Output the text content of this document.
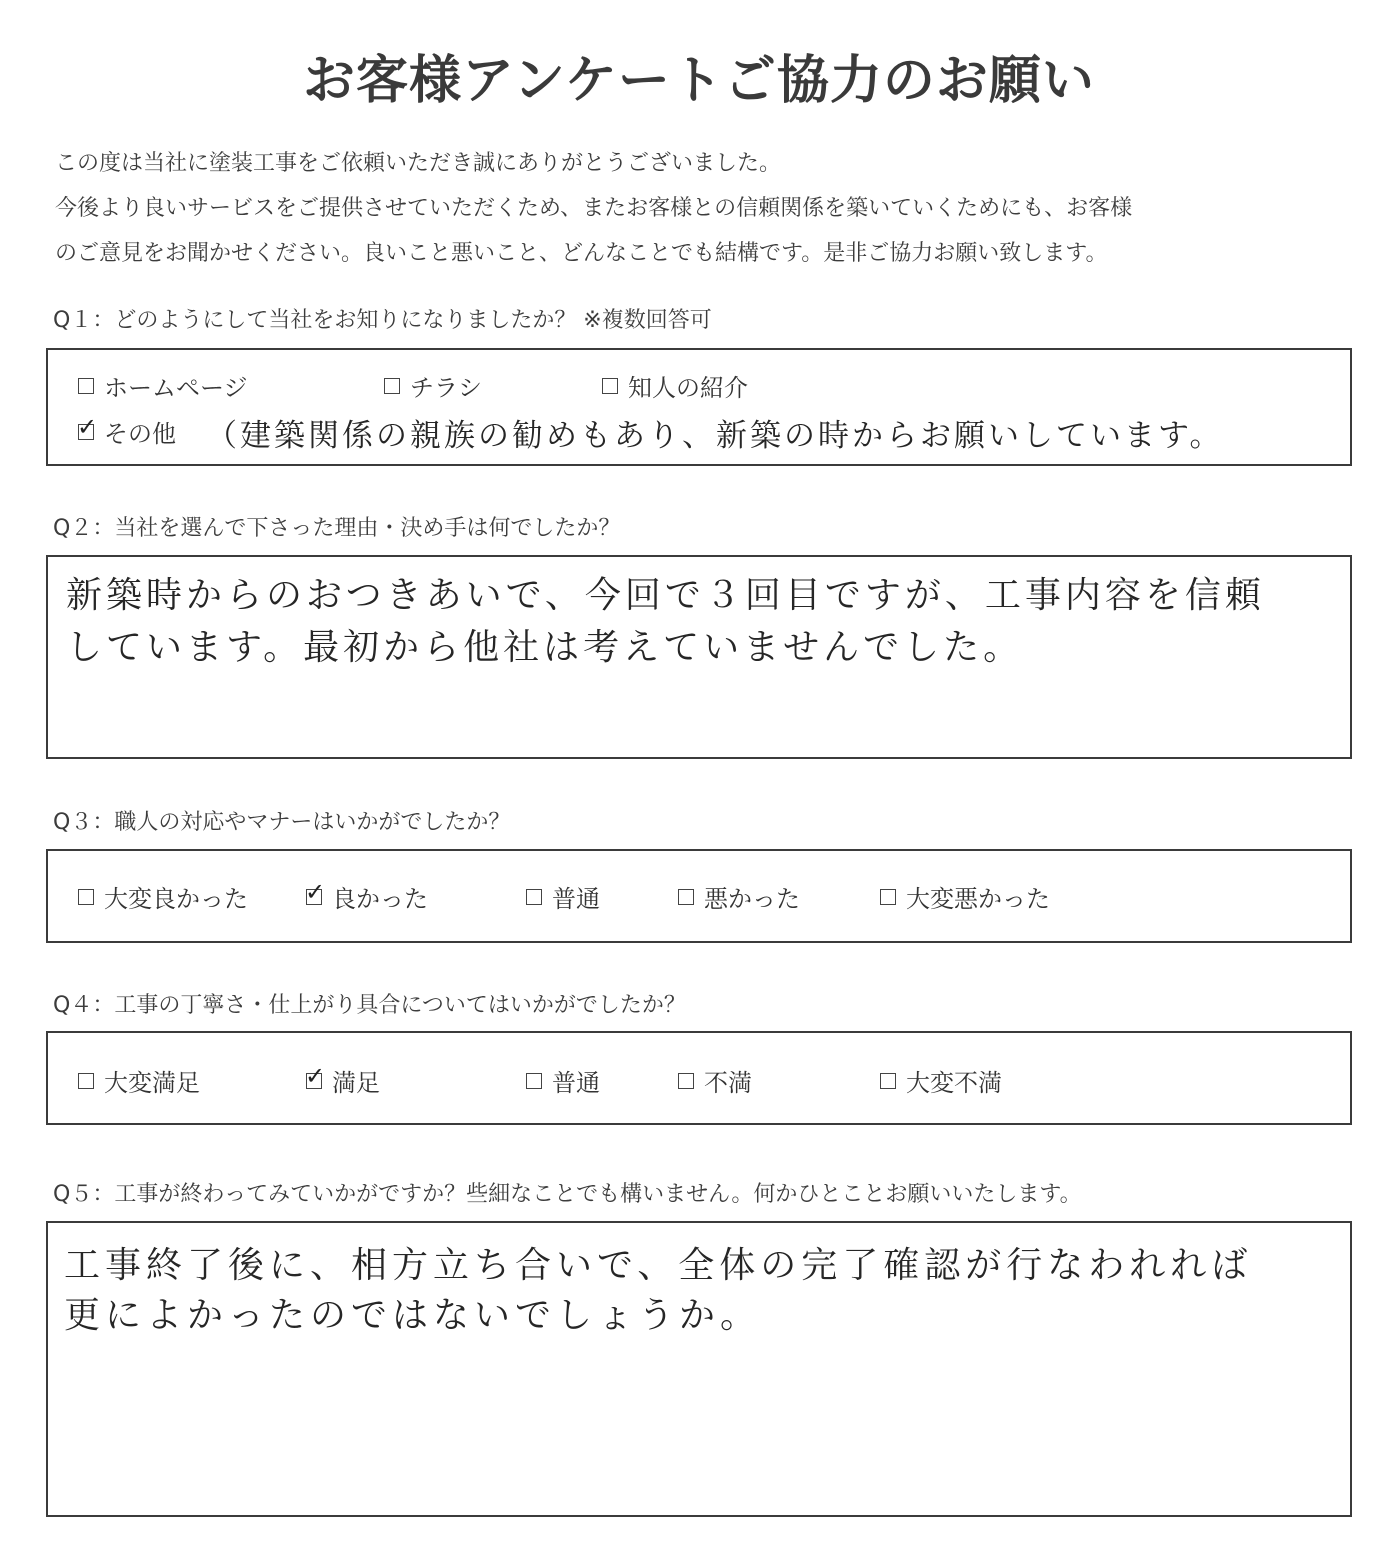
お客様アンケートご協力のお願い
この度は当社に塗装工事をご依頼いただき誠にありがとうございました。
今後より良いサービスをご提供させていただくため、またお客様との信頼関係を築いていくためにも、お客様
のご意見をお聞かせください。良いこと悪いこと、どんなことでも結構です。是非ご協力お願い致します。
Q１：どのようにして当社をお知りになりましたか？ ※複数回答可
ホームページ	チラシ	知人の紹介
✓ その他 （建築関係の親族の勧めもあり、新築の時からお願いしています。
Q２：当社を選んで下さった理由・決め手は何でしたか？
新築時からのおつきあいで、今回で３回目ですが、工事内容を信頼
しています。最初から他社は考えていませんでした。
Q３：職人の対応やマナーはいかがでしたか？
大変良かった ✓ 良かった	普通	悪かった	大変悪かった
Q４：工事の丁寧さ・仕上がり具合についてはいかがでしたか？
大変満足	✓ 満足	普通	不満	大変不満
Q５：工事が終わってみていかがですか？些細なことでも構いません。何かひとことお願いいたします。
工事終了後に、相方立ち合いで、全体の完了確認が行なわれれば
更によかったのではないでしょうか。
